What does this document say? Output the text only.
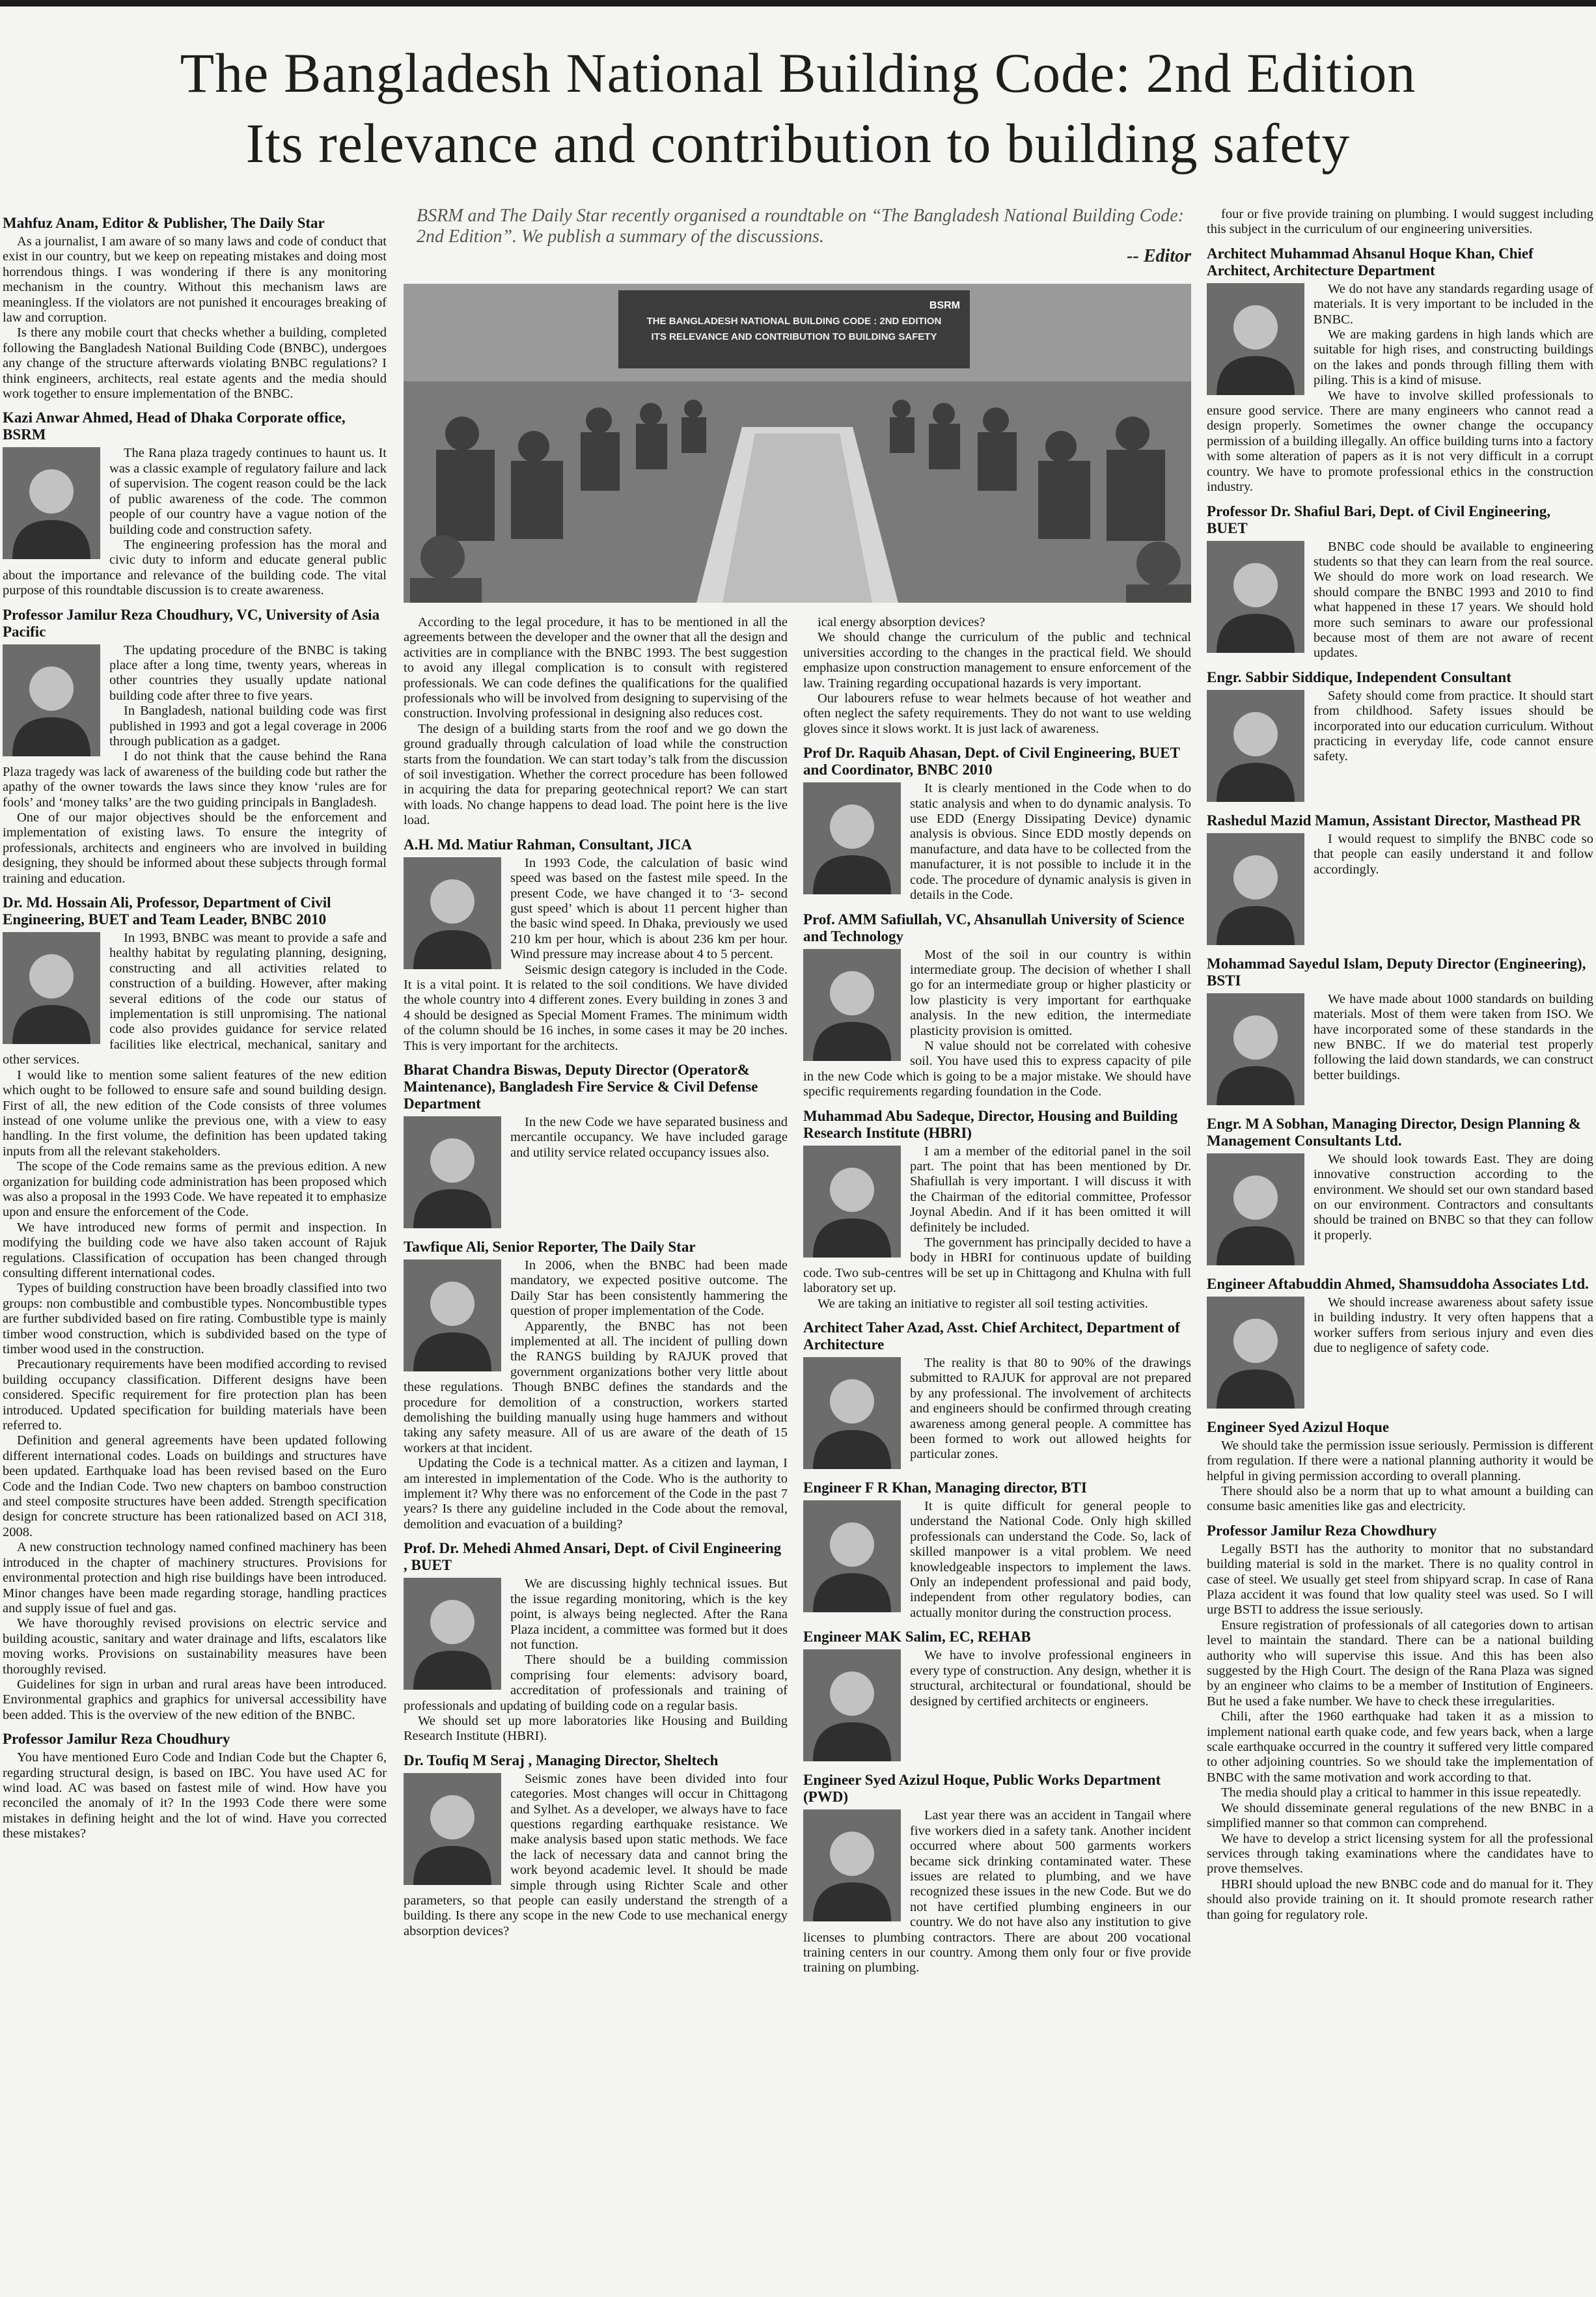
The Bangladesh National Building Code: 2nd Edition
Its relevance and contribution to building safety
Mahfuz Anam, Editor & Publisher, The Daily Star

As a journalist, I am aware of so many laws and code of conduct that exist in our country, but we keep on repeating mistakes and doing most horrendous things. I was wondering if there is any monitoring mechanism in the country. Without this mechanism laws are meaningless. If the violators are not punished it encourages breaking of law and corruption.

Is there any mobile court that checks whether a building, completed following the Bangladesh National Building Code (BNBC), undergoes any change of the structure afterwards violating BNBC regulations? I think engineers, architects, real estate agents and the media should work together to ensure implementation of the BNBC.

Kazi Anwar Ahmed, Head of Dhaka Corporate office, BSRM

The Rana plaza tragedy continues to haunt us. It was a classic example of regulatory failure and lack of supervision. The cogent reason could be the lack of public awareness of the code. The common people of our country have a vague notion of the building code and construction safety.

The engineering profession has the moral and civic duty to inform and educate general public about the importance and relevance of the building code. The vital purpose of this roundtable discussion is to create awareness.

Professor Jamilur Reza Choudhury, VC, University of Asia Pacific

The updating procedure of the BNBC is taking place after a long time, twenty years, whereas in other countries they usually update national building code after three to five years.

In Bangladesh, national building code was first published in 1993 and got a legal coverage in 2006 through publication as a gadget.

I do not think that the cause behind the Rana Plaza tragedy was lack of awareness of the building code but rather the apathy of the owner towards the laws since they know ‘rules are for fools’ and ‘money talks’ are the two guiding principals in Bangladesh.

One of our major objectives should be the enforcement and implementation of existing laws. To ensure the integrity of professionals, architects and engineers who are involved in building designing, they should be informed about these subjects through formal training and education.

Dr. Md. Hossain Ali, Professor, Department of Civil Engineering, BUET and Team Leader, BNBC 2010

In 1993, BNBC was meant to provide a safe and healthy habitat by regulating planning, designing, constructing and all activities related to construction of a building. However, after making several editions of the code our status of implementation is still unpromising. The national code also provides guidance for service related facilities like electrical, mechanical, sanitary and other services.

I would like to mention some salient features of the new edition which ought to be followed to ensure safe and sound building design. First of all, the new edition of the Code consists of three volumes instead of one volume unlike the previous one, with a view to easy handling. In the first volume, the definition has been updated taking inputs from all the relevant stakeholders.

The scope of the Code remains same as the previous edition. A new organization for building code administration has been proposed which was also a proposal in the 1993 Code. We have repeated it to emphasize upon and ensure the enforcement of the Code.

We have introduced new forms of permit and inspection. In modifying the building code we have also taken account of Rajuk regulations. Classification of occupation has been changed through consulting different international codes.

Types of building construction have been broadly classified into two groups: non combustible and combustible types. Noncombustible types are further subdivided based on fire rating. Combustible type is mainly timber wood construction, which is subdivided based on the type of timber wood used in the construction.

Precautionary requirements have been modified according to revised building occupancy classification. Different designs have been considered. Specific requirement for fire protection plan has been introduced. Updated specification for building materials have been referred to.

Definition and general agreements have been updated following different international codes. Loads on buildings and structures have been updated. Earthquake load has been revised based on the Euro Code and the Indian Code. Two new chapters on bamboo construction and steel composite structures have been added. Strength specification design for concrete structure has been rationalized based on ACI 318, 2008.

A new construction technology named confined machinery has been introduced in the chapter of machinery structures. Provisions for environmental protection and high rise buildings have been introduced. Minor changes have been made regarding storage, handling practices and supply issue of fuel and gas.

We have thoroughly revised provisions on electric service and building acoustic, sanitary and water drainage and lifts, escalators like moving works. Provisions on sustainability measures have been thoroughly revised.

Guidelines for sign in urban and rural areas have been introduced. Environmental graphics and graphics for universal accessibility have been added. This is the overview of the new edition of the BNBC.

Professor Jamilur Reza Choudhury

You have mentioned Euro Code and Indian Code but the Chapter 6, regarding structural design, is based on IBC. You have used AC for wind load. AC was based on fastest mile of wind. How have you reconciled the anomaly of it? In the 1993 Code there were some mistakes in defining height and the lot of wind. Have you corrected these mistakes?

BSRM and The Daily Star recently organised a roundtable on “The Bangladesh National Building Code: 2nd Edition”. We publish a summary of the discussions.
-- Editor
THE BANGLADESH NATIONAL BUILDING CODE : 2ND EDITION
ITS RELEVANCE AND CONTRIBUTION TO BUILDING SAFETY
BSRM

According to the legal procedure, it has to be mentioned in all the agreements between the developer and the owner that all the design and activities are in compliance with the BNBC 1993. The best suggestion to avoid any illegal complication is to consult with registered professionals. We can code defines the qualifications for the qualified professionals who will be involved from designing to supervising of the construction. Involving professional in designing also reduces cost.

The design of a building starts from the roof and we go down the ground gradually through calculation of load while the construction starts from the foundation. We can start today’s talk from the discussion of soil investigation. Whether the correct procedure has been followed in acquiring the data for preparing geotechnical report? We can start with loads. No change happens to dead load. The point here is the live load.

A.H. Md. Matiur Rahman, Consultant, JICA

In 1993 Code, the calculation of basic wind speed was based on the fastest mile speed. In the present Code, we have changed it to ‘3- second gust speed’ which is about 11 percent higher than the basic wind speed. In Dhaka, previously we used 210 km per hour, which is about 236 km per hour. Wind pressure may increase about 4 to 5 percent.

Seismic design category is included in the Code. It is a vital point. It is related to the soil conditions. We have divided the whole country into 4 different zones. Every building in zones 3 and 4 should be designed as Special Moment Frames. The minimum width of the column should be 16 inches, in some cases it may be 20 inches. This is very important for the architects.

Bharat Chandra Biswas, Deputy Director (Operator& Maintenance), Bangladesh Fire Service & Civil Defense Department

In the new Code we have separated business and mercantile occupancy. We have included garage and utility service related occupancy issues also.

Tawfique Ali, Senior Reporter, The Daily Star

In 2006, when the BNBC had been made mandatory, we expected positive outcome. The Daily Star has been consistently hammering the question of proper implementation of the Code.

Apparently, the BNBC has not been implemented at all. The incident of pulling down the RANGS building by RAJUK proved that government organizations bother very little about these regulations. Though BNBC defines the standards and the procedure for demolition of a construction, workers started demolishing the building manually using huge hammers and without taking any safety measure. All of us are aware of the death of 15 workers at that incident.

Updating the Code is a technical matter. As a citizen and layman, I am interested in implementation of the Code. Who is the authority to implement it? Why there was no enforcement of the Code in the past 7 years? Is there any guideline included in the Code about the removal, demolition and evacuation of a building?

Prof. Dr. Mehedi Ahmed Ansari, Dept. of Civil Engineering , BUET

We are discussing highly technical issues. But the issue regarding monitoring, which is the key point, is always being neglected. After the Rana Plaza incident, a committee was formed but it does not function.

There should be a building commission comprising four elements: advisory board, accreditation of professionals and training of professionals and updating of building code on a regular basis.

We should set up more laboratories like Housing and Building Research Institute (HBRI).

Dr. Toufiq M Seraj , Managing Director, Sheltech

Seismic zones have been divided into four categories. Most changes will occur in Chittagong and Sylhet. As a developer, we always have to face questions regarding earthquake resistance. We make analysis based upon static methods. We face the lack of necessary data and cannot bring the work beyond academic level. It should be made simple through using Richter Scale and other parameters, so that people can easily understand the strength of a building. Is there any scope in the new Code to use mechanical energy absorption devices?

ical energy absorption devices?

We should change the curriculum of the public and technical universities according to the changes in the practical field. We should emphasize upon construction management to ensure enforcement of the law. Training regarding occupational hazards is very important.

Our labourers refuse to wear helmets because of hot weather and often neglect the safety requirements. They do not want to use welding gloves since it slows workt. It is just lack of awareness.

Prof Dr. Raquib Ahasan, Dept. of Civil Engineering, BUET and Coordinator, BNBC 2010

It is clearly mentioned in the Code when to do static analysis and when to do dynamic analysis. To use EDD (Energy Dissipating Device) dynamic analysis is obvious. Since EDD mostly depends on manufacture, and data have to be collected from the manufacturer, it is not possible to include it in the code. The procedure of dynamic analysis is given in details in the Code.

Prof. AMM Safiullah, VC, Ahsanullah University of Science and Technology

Most of the soil in our country is within intermediate group. The decision of whether I shall go for an intermediate group or higher plasticity or low plasticity is very important for earthquake analysis. In the new edition, the intermediate plasticity provision is omitted.

N value should not be correlated with cohesive soil. You have used this to express capacity of pile in the new Code which is going to be a major mistake. We should have specific requirements regarding foundation in the Code.

Muhammad Abu Sadeque, Director, Housing and Building Research Institute (HBRI)

I am a member of the editorial panel in the soil part. The point that has been mentioned by Dr. Shafiullah is very important. I will discuss it with the Chairman of the editorial committee, Professor Joynal Abedin. And if it has been omitted it will definitely be included.

The government has principally decided to have a body in HBRI for continuous update of building code. Two sub-centres will be set up in Chittagong and Khulna with full laboratory set up.

We are taking an initiative to register all soil testing activities.

Architect Taher Azad, Asst. Chief Architect, Department of Architecture

The reality is that 80 to 90% of the drawings submitted to RAJUK for approval are not prepared by any professional. The involvement of architects and engineers should be confirmed through creating awareness among general people. A committee has been formed to work out allowed heights for particular zones.

Engineer F R Khan, Managing director, BTI

It is quite difficult for general people to understand the National Code. Only high skilled professionals can understand the Code. So, lack of skilled manpower is a vital problem. We need knowledgeable inspectors to implement the laws. Only an independent professional and paid body, independent from other regulatory bodies, can actually monitor during the construction process.

Engineer MAK Salim, EC, REHAB

We have to involve professional engineers in every type of construction. Any design, whether it is structural, architectural or foundational, should be designed by certified architects or engineers.

Engineer Syed Azizul Hoque, Public Works Department (PWD)

Last year there was an accident in Tangail where five workers died in a safety tank. Another incident occurred where about 500 garments workers became sick drinking contaminated water. These issues are related to plumbing, and we have recognized these issues in the new Code. But we do not have certified plumbing engineers in our country. We do not have also any institution to give licenses to plumbing contractors. There are about 200 vocational training centers in our country. Among them only four or five provide training on plumbing.

four or five provide training on plumbing. I would suggest including this subject in the curriculum of our engineering universities.

Architect Muhammad Ahsanul Hoque Khan, Chief Architect, Architecture Department

We do not have any standards regarding usage of materials. It is very important to be included in the BNBC.

We are making gardens in high lands which are suitable for high rises, and constructing buildings on the lakes and ponds through filling them with piling. This is a kind of misuse.

We have to involve skilled professionals to ensure good service. There are many engineers who cannot read a design properly. Sometimes the owner change the occupancy permission of a building illegally. An office building turns into a factory with some alteration of papers as it is not very difficult in a corrupt country. We have to promote professional ethics in the construction industry.

Professor Dr. Shafiul Bari, Dept. of Civil Engineering, BUET

BNBC code should be available to engineering students so that they can learn from the real source. We should do more work on load research. We should compare the BNBC 1993 and 2010 to find what happened in these 17 years. We should hold more such seminars to aware our professional because most of them are not aware of recent updates.

Engr. Sabbir Siddique, Independent Consultant

Safety should come from practice. It should start from childhood. Safety issues should be incorporated into our education curriculum. Without practicing in everyday life, code cannot ensure safety.

Rashedul Mazid Mamun, Assistant Director, Masthead PR

I would request to simplify the BNBC code so that people can easily understand it and follow accordingly.

Mohammad Sayedul Islam, Deputy Director (Engineering), BSTI

We have made about 1000 standards on building materials. Most of them were taken from ISO. We have incorporated some of these standards in the new BNBC. If we do material test properly following the laid down standards, we can construct better buildings.

Engr. M A Sobhan, Managing Director, Design Planning & Management Consultants Ltd.

We should look towards East. They are doing innovative construction according to the environment. We should set our own standard based on our environment. Contractors and consultants should be trained on BNBC so that they can follow it properly.

Engineer Aftabuddin Ahmed, Shamsuddoha Associates Ltd.

We should increase awareness about safety issue in building industry. It very often happens that a worker suffers from serious injury and even dies due to negligence of safety code.

Engineer Syed Azizul Hoque

We should take the permission issue seriously. Permission is different from regulation. If there were a national planning authority it would be helpful in giving permission according to overall planning.

There should also be a norm that up to what amount a building can consume basic amenities like gas and electricity.

Professor Jamilur Reza Chowdhury

Legally BSTI has the authority to monitor that no substandard building material is sold in the market. There is no quality control in case of steel. We usually get steel from shipyard scrap. In case of Rana Plaza accident it was found that low quality steel was used. So I will urge BSTI to address the issue seriously.

Ensure registration of professionals of all categories down to artisan level to maintain the standard. There can be a national building authority who will supervise this issue. And this has been also suggested by the High Court. The design of the Rana Plaza was signed by an engineer who claims to be a member of Institution of Engineers. But he used a fake number. We have to check these irregularities.

Chili, after the 1960 earthquake had taken it as a mission to implement national earth quake code, and few years back, when a large scale earthquake occurred in the country it suffered very little compared to other adjoining countries. So we should take the implementation of BNBC with the same motivation and work according to that.

The media should play a critical to hammer in this issue repeatedly.

We should disseminate general regulations of the new BNBC in a simplified manner so that common can comprehend.

We have to develop a strict licensing system for all the professional services through taking examinations where the candidates have to prove themselves.

HBRI should upload the new BNBC code and do manual for it. They should also provide training on it. It should promote research rather than going for regulatory role.
